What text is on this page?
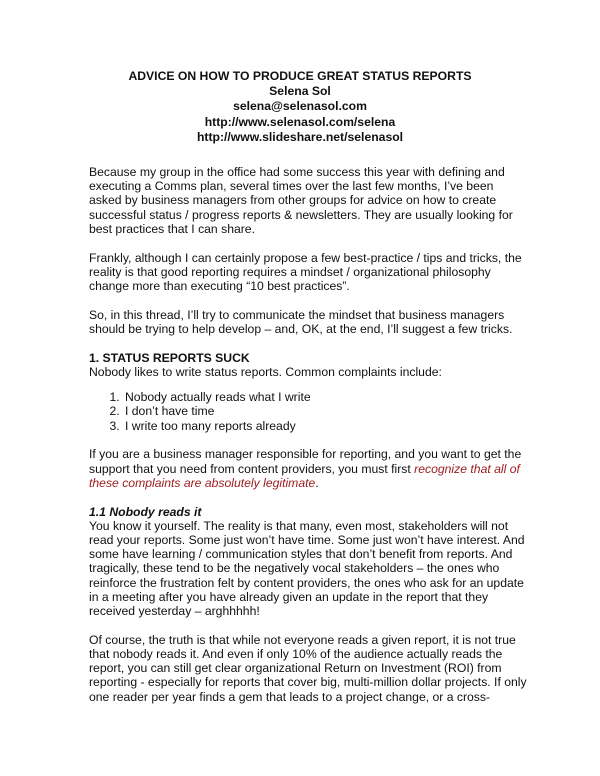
ADVICE ON HOW TO PRODUCE GREAT STATUS REPORTS
Selena Sol
selena@selenasol.com
http://www.selenasol.com/selena
http://www.slideshare.net/selenasol

Because my group in the office had some success this year with defining and executing a Comms plan, several times over the last few months, I’ve been asked by business managers from other groups for advice on how to create successful status / progress reports & newsletters. They are usually looking for best practices that I can share.

Frankly, although I can certainly propose a few best-practice / tips and tricks, the reality is that good reporting requires a mindset / organizational philosophy change more than executing “10 best practices”.

So, in this thread, I’ll try to communicate the mindset that business managers should be trying to help develop – and, OK, at the end, I’ll suggest a few tricks.

1. STATUS REPORTS SUCK

Nobody likes to write status reports. Common complaints include:

1. Nobody actually reads what I write
2. I don’t have time
3. I write too many reports already

If you are a business manager responsible for reporting, and you want to get the support that you need from content providers, you must first recognize that all of these complaints are absolutely legitimate.

1.1 Nobody reads it

You know it yourself. The reality is that many, even most, stakeholders will not read your reports. Some just won’t have time. Some just won’t have interest. And some have learning / communication styles that don’t benefit from reports. And tragically, these tend to be the negatively vocal stakeholders – the ones who reinforce the frustration felt by content providers, the ones who ask for an update in a meeting after you have already given an update in the report that they received yesterday – arghhhhh!

Of course, the truth is that while not everyone reads a given report, it is not true that nobody reads it. And even if only 10% of the audience actually reads the report, you can still get clear organizational Return on Investment (ROI) from reporting - especially for reports that cover big, multi-million dollar projects. If only one reader per year finds a gem that leads to a project change, or a cross-
